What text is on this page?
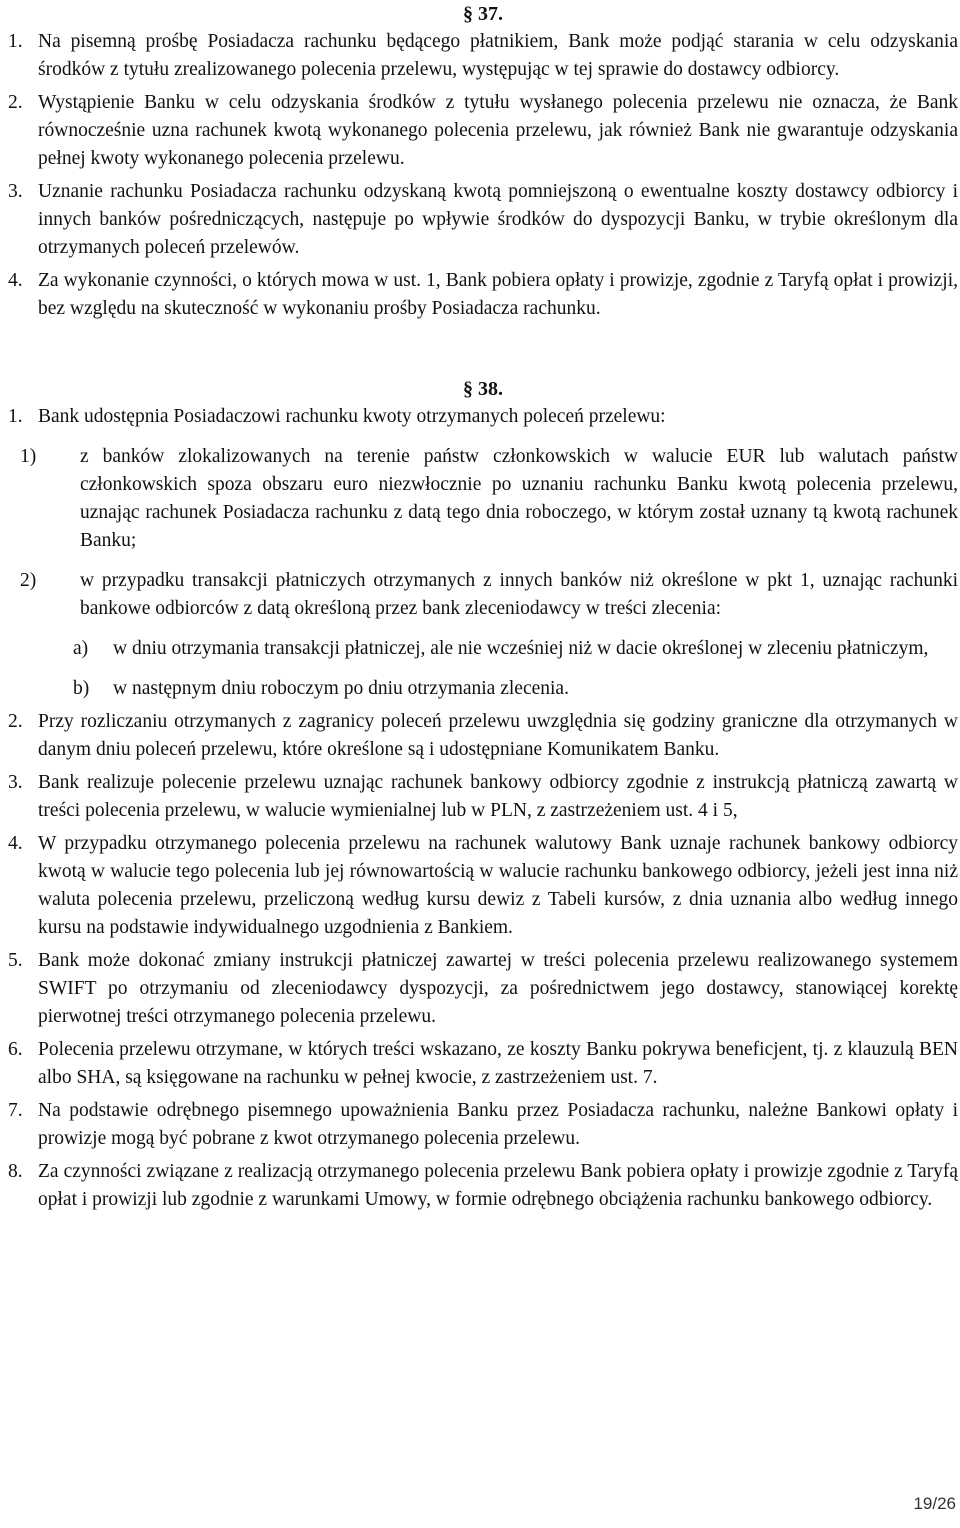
§ 37.
1. Na pisemną prośbę Posiadacza rachunku będącego płatnikiem, Bank może podjąć starania w celu odzyskania środków z tytułu zrealizowanego polecenia przelewu, występując w tej sprawie do dostawcy odbiorcy.
2. Wystąpienie Banku w celu odzyskania środków z tytułu wysłanego polecenia przelewu nie oznacza, że Bank równocześnie uzna rachunek kwotą wykonanego polecenia przelewu, jak również Bank nie gwarantuje odzyskania pełnej kwoty wykonanego polecenia przelewu.
3. Uznanie rachunku Posiadacza rachunku odzyskaną kwotą pomniejszoną o ewentualne koszty dostawcy odbiorcy i innych banków pośredniczących, następuje po wpływie środków do dyspozycji Banku, w trybie określonym dla otrzymanych poleceń przelewów.
4. Za wykonanie czynności, o których mowa w ust. 1, Bank pobiera opłaty i prowizje, zgodnie z Taryfą opłat i prowizji, bez względu na skuteczność w wykonaniu prośby Posiadacza rachunku.
§ 38.
1. Bank udostępnia Posiadaczowi rachunku kwoty otrzymanych poleceń przelewu:
1) z banków zlokalizowanych na terenie państw członkowskich w walucie EUR lub walutach państw członkowskich spoza obszaru euro niezwłocznie po uznaniu rachunku Banku kwotą polecenia przelewu, uznając rachunek Posiadacza rachunku z datą tego dnia roboczego, w którym został uznany tą kwotą rachunek Banku;
2) w przypadku transakcji płatniczych otrzymanych z innych banków niż określone w pkt 1, uznając rachunki bankowe odbiorców z datą określoną przez bank zleceniodawcy w treści zlecenia:
a) w dniu otrzymania transakcji płatniczej, ale nie wcześniej niż w dacie określonej w zleceniu płatniczym,
b) w następnym dniu roboczym po dniu otrzymania zlecenia.
2. Przy rozliczaniu otrzymanych z zagranicy poleceń przelewu uwzględnia się godziny graniczne dla otrzymanych w danym dniu poleceń przelewu, które określone są i udostępniane Komunikatem Banku.
3. Bank realizuje polecenie przelewu uznając rachunek bankowy odbiorcy zgodnie z instrukcją płatniczą zawartą w treści polecenia przelewu, w walucie wymienialnej lub w PLN, z zastrzeżeniem ust. 4 i 5,
4. W przypadku otrzymanego polecenia przelewu na rachunek walutowy Bank uznaje rachunek bankowy odbiorcy kwotą w walucie tego polecenia lub jej równowartością w walucie rachunku bankowego odbiorcy, jeżeli jest inna niż waluta polecenia przelewu, przeliczoną według kursu dewiz z Tabeli kursów, z dnia uznania albo według innego kursu na podstawie indywidualnego uzgodnienia z Bankiem.
5. Bank może dokonać zmiany instrukcji płatniczej zawartej w treści polecenia przelewu realizowanego systemem SWIFT po otrzymaniu od zleceniodawcy dyspozycji, za pośrednictwem jego dostawcy, stanowiącej korektę pierwotnej treści otrzymanego polecenia przelewu.
6. Polecenia przelewu otrzymane, w których treści wskazano, ze koszty Banku pokrywa beneficjent, tj. z klauzulą BEN albo SHA, są księgowane na rachunku w pełnej kwocie, z zastrzeżeniem ust. 7.
7. Na podstawie odrębnego pisemnego upoważnienia Banku przez Posiadacza rachunku, należne Bankowi opłaty i prowizje mogą być pobrane z kwot otrzymanego polecenia przelewu.
8. Za czynności związane z realizacją otrzymanego polecenia przelewu Bank pobiera opłaty i prowizje zgodnie z Taryfą opłat i prowizji lub zgodnie z warunkami Umowy, w formie odrębnego obciążenia rachunku bankowego odbiorcy.
19/26
